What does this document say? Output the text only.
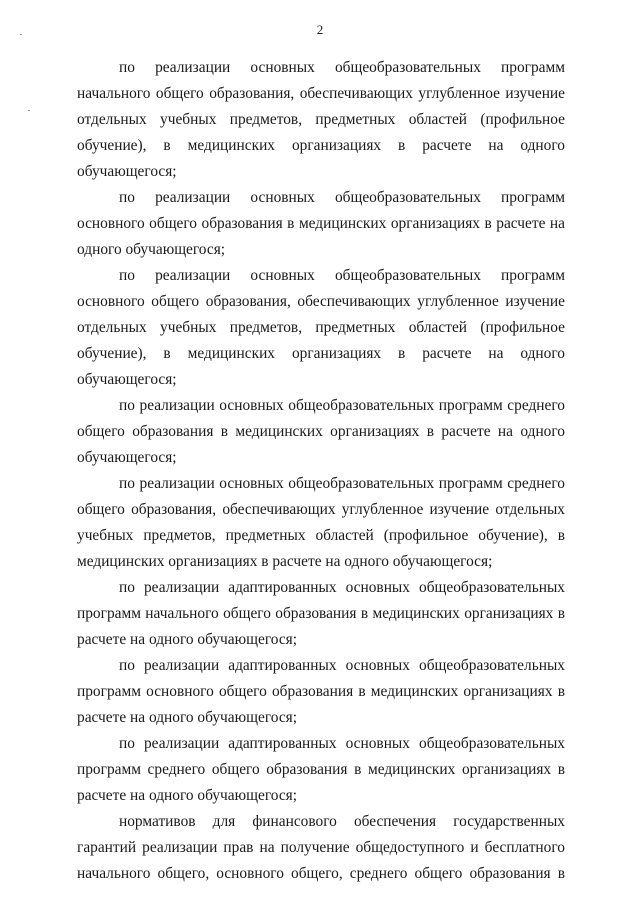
2

по реализации основных общеобразовательных программ начального общего образования, обеспечивающих углубленное изучение отдельных учебных предметов, предметных областей (профильное обучение), в медицинских организациях в расчете на одного обучающегося;

по реализации основных общеобразовательных программ основного общего образования в медицинских организациях в расчете на одного обучающегося;

по реализации основных общеобразовательных программ основного общего образования, обеспечивающих углубленное изучение отдельных учебных предметов, предметных областей (профильное обучение), в медицинских организациях в расчете на одного обучающегося;

по реализации основных общеобразовательных программ среднего общего образования в медицинских организациях в расчете на одного обучающегося;

по реализации основных общеобразовательных программ среднего общего образования, обеспечивающих углубленное изучение отдельных учебных предметов, предметных областей (профильное обучение), в медицинских организациях в расчете на одного обучающегося;

по реализации адаптированных основных общеобразовательных программ начального общего образования в медицинских организациях в расчете на одного обучающегося;

по реализации адаптированных основных общеобразовательных программ основного общего образования в медицинских организациях в расчете на одного обучающегося;

по реализации адаптированных основных общеобразовательных программ среднего общего образования в медицинских организациях в расчете на одного обучающегося;

нормативов для финансового обеспечения государственных гарантий реализации прав на получение общедоступного и бесплатного начального общего, основного общего, среднего общего образования в
